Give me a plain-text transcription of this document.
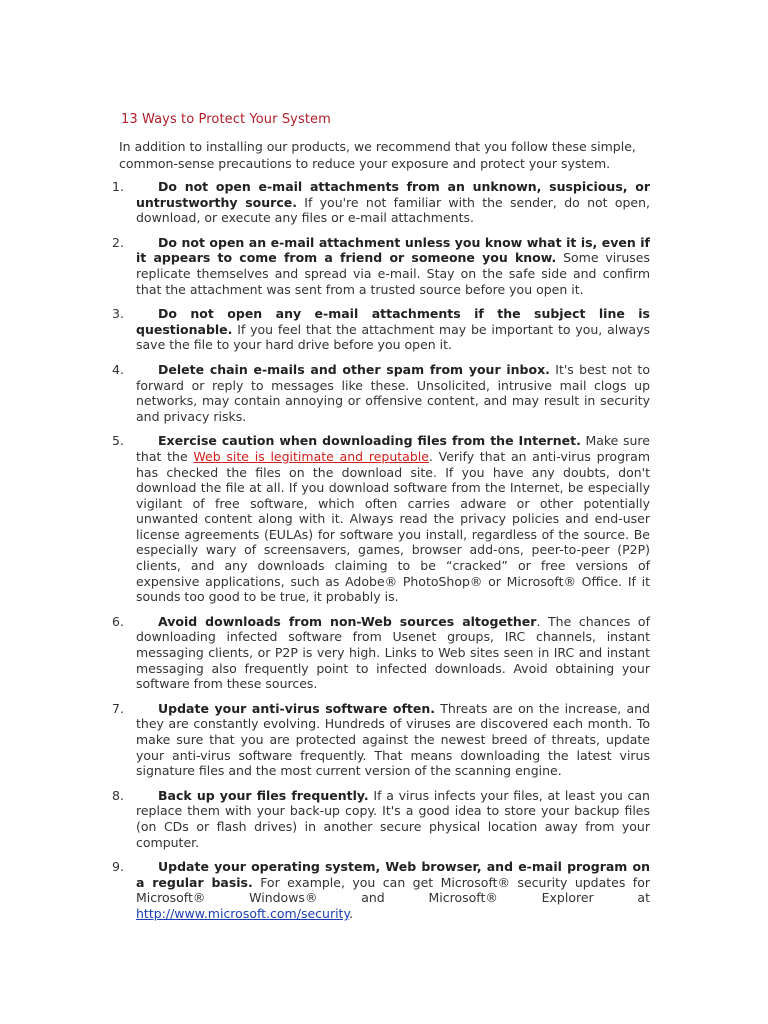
13 Ways to Protect Your System

In addition to installing our products, we recommend that you follow these simple, common-sense precautions to reduce your exposure and protect your system.

1.	Do not open e-mail attachments from an unknown, suspicious, or untrustworthy source. If you're not familiar with the sender, do not open, download, or execute any files or e-mail attachments.
2.	Do not open an e-mail attachment unless you know what it is, even if it appears to come from a friend or someone you know. Some viruses replicate themselves and spread via e-mail. Stay on the safe side and confirm that the attachment was sent from a trusted source before you open it.
3.	Do not open any e-mail attachments if the subject line is questionable. If you feel that the attachment may be important to you, always save the file to your hard drive before you open it.
4.	Delete chain e-mails and other spam from your inbox. It's best not to forward or reply to messages like these. Unsolicited, intrusive mail clogs up networks, may contain annoying or offensive content, and may result in security and privacy risks.
5.	Exercise caution when downloading files from the Internet. Make sure that the Web site is legitimate and reputable. Verify that an anti-virus program has checked the files on the download site. If you have any doubts, don't download the file at all. If you download software from the Internet, be especially vigilant of free software, which often carries adware or other potentially unwanted content along with it. Always read the privacy policies and end-user license agreements (EULAs) for software you install, regardless of the source. Be especially wary of screensavers, games, browser add-ons, peer-to-peer (P2P) clients, and any downloads claiming to be “cracked” or free versions of expensive applications, such as Adobe® PhotoShop® or Microsoft® Office. If it sounds too good to be true, it probably is.
6.	Avoid downloads from non-Web sources altogether. The chances of downloading infected software from Usenet groups, IRC channels, instant messaging clients, or P2P is very high. Links to Web sites seen in IRC and instant messaging also frequently point to infected downloads. Avoid obtaining your software from these sources.
7.	Update your anti-virus software often. Threats are on the increase, and they are constantly evolving. Hundreds of viruses are discovered each month. To make sure that you are protected against the newest breed of threats, update your anti-virus software frequently. That means downloading the latest virus signature files and the most current version of the scanning engine.
8.	Back up your files frequently. If a virus infects your files, at least you can replace them with your back-up copy. It's a good idea to store your backup files (on CDs or flash drives) in another secure physical location away from your computer.
9.	Update your operating system, Web browser, and e-mail program on a regular basis. For example, you can get Microsoft® security updates for Microsoft® Windows® and Microsoft® Explorer at http://www.microsoft.com/security.
